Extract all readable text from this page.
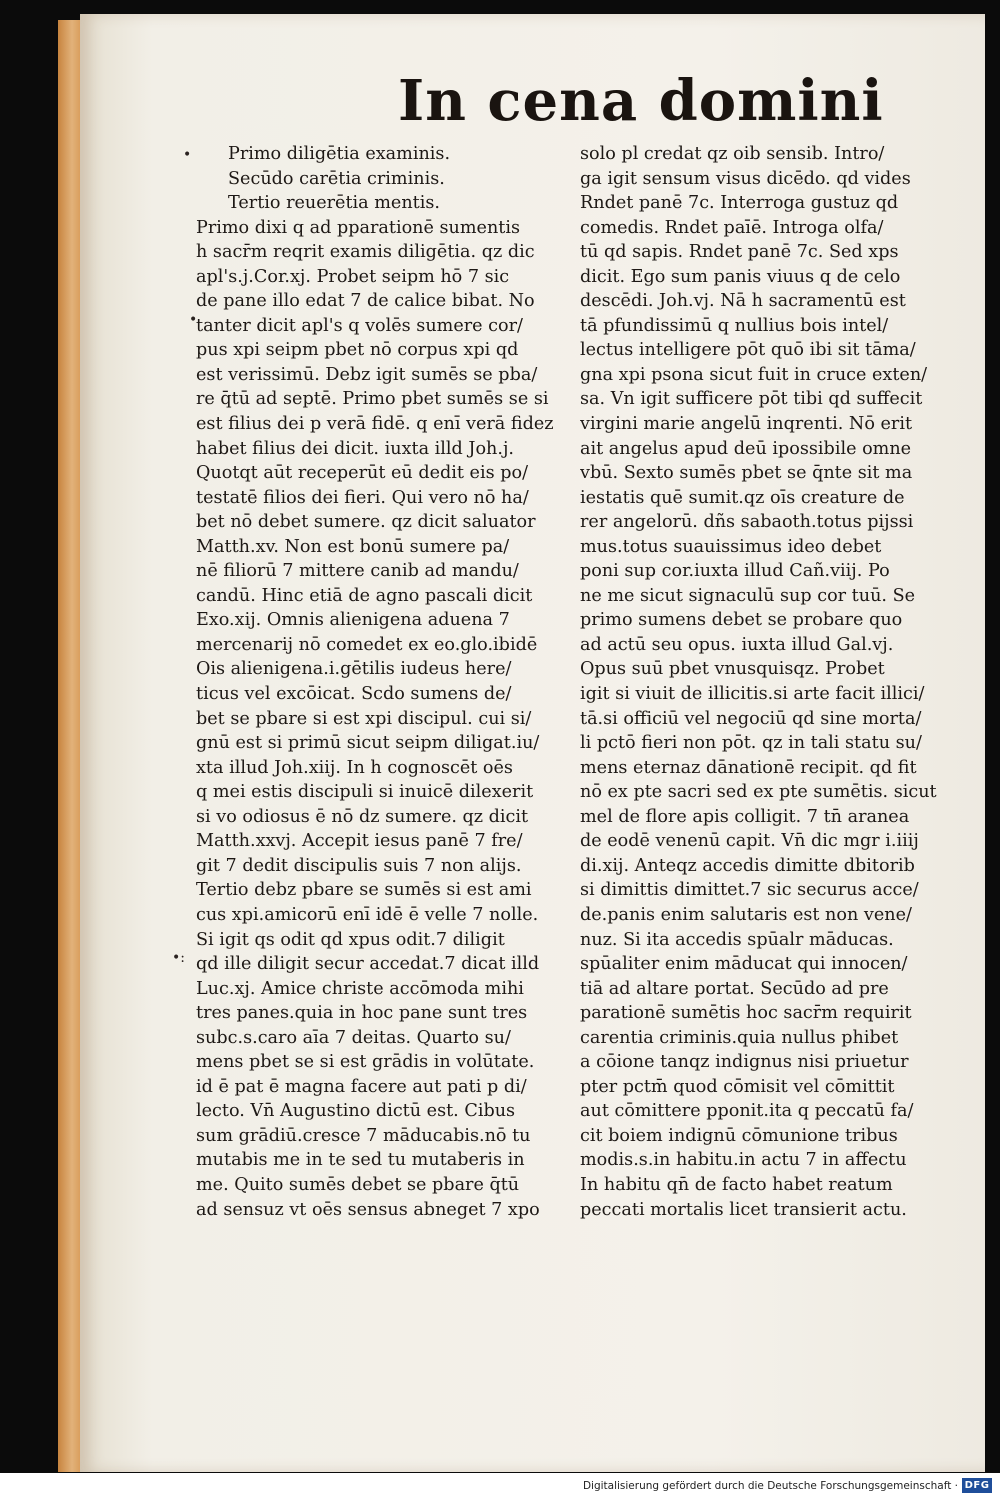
In cena domini
•
•
•:
Primo diligētia examinis.
Secūdo carētia criminis.
Tertio reuerētia mentis.
Primo dixi q ad pparationē sumentis
h sacr̄m reqrit examis diligētia. qz dic
apl's.j.Cor.xj. Probet seipm hō 7 sic
de pane illo edat 7 de calice bibat. No
tanter dicit apl's q volēs sumere cor/
pus xpi seipm pbet nō corpus xpi qd
est verissimū. Debz igit sumēs se pba/
re q̄tū ad septē. Primo pbet sumēs se si
est filius dei p verā fidē. q enī verā fidez
habet filius dei dicit. iuxta illd Joh.j.
Quotqt aūt receperūt eū dedit eis po/
testatē filios dei fieri. Qui vero nō ha/
bet nō debet sumere. qz dicit saluator
Matth.xv. Non est bonū sumere pa/
nē filiorū 7 mittere canib ad mandu/
candū. Hinc etiā de agno pascali dicit
Exo.xij. Omnis alienigena aduena 7
mercenarij nō comedet ex eo.glo.ibidē
Ois alienigena.i.gētilis iudeus here/
ticus vel excōicat. Scdo sumens de/
bet se pbare si est xpi discipul. cui si/
gnū est si primū sicut seipm diligat.iu/
xta illud Joh.xiij. In h cognoscēt oēs
q mei estis discipuli si inuicē dilexerit
si vo odiosus ē nō dz sumere. qz dicit
Matth.xxvj. Accepit iesus panē 7 fre/
git 7 dedit discipulis suis 7 non alijs.
Tertio debz pbare se sumēs si est ami
cus xpi.amicorū enī idē ē velle 7 nolle.
Si igit qs odit qd xpus odit.7 diligit
qd ille diligit secur accedat.7 dicat illd
Luc.xj. Amice christe accōmoda mihi
tres panes.quia in hoc pane sunt tres
subc.s.caro aīa 7 deitas. Quarto su/
mens pbet se si est grādis in volūtate.
id ē pat ē magna facere aut pati p di/
lecto. Vn̄ Augustino dictū est. Cibus
sum grādiū.cresce 7 māducabis.nō tu
mutabis me in te sed tu mutaberis in
me. Quito sumēs debet se pbare q̄tū
ad sensuz vt oēs sensus abneget 7 xpo
solo pl credat qz oib sensib. Intro/
ga igit sensum visus dicēdo. qd vides
Rndet panē 7c. Interroga gustuz qd
comedis. Rndet paīē. Introga olfa/
tū qd sapis. Rndet panē 7c. Sed xps
dicit. Ego sum panis viuus q de celo
descēdi. Joh.vj. Nā h sacramentū est
tā pfundissimū q nullius bois intel/
lectus intelligere pōt quō ibi sit tāma/
gna xpi psona sicut fuit in cruce exten/
sa. Vn igit sufficere pōt tibi qd suffecit
virgini marie angelū inqrenti. Nō erit
ait angelus apud deū ipossibile omne
vbū. Sexto sumēs pbet se q̄nte sit ma
iestatis quē sumit.qz oīs creature de
rer angelorū. dñs sabaoth.totus pijssi
mus.totus suauissimus ideo debet
poni sup cor.iuxta illud Cañ.viij. Po
ne me sicut signaculū sup cor tuū. Se
primo sumens debet se probare quo
ad actū seu opus. iuxta illud Gal.vj.
Opus suū pbet vnusquisqz. Probet
igit si viuit de illicitis.si arte facit illici/
tā.si officiū vel negociū qd sine morta/
li pctō fieri non pōt. qz in tali statu su/
mens eternaz dānationē recipit. qd fit
nō ex pte sacri sed ex pte sumētis. sicut
mel de flore apis colligit. 7 tn̄ aranea
de eodē venenū capit. Vn̄ dic mgr i.iiij
di.xij. Anteqz accedis dimitte dbitorib
si dimittis dimittet.7 sic securus acce/
de.panis enim salutaris est non vene/
nuz. Si ita accedis spūalr māducas.
spūaliter enim māducat qui innocen/
tiā ad altare portat. Secūdo ad pre
parationē sumētis hoc sacr̄m requirit
carentia criminis.quia nullus phibet
a cōione tanqz indignus nisi priuetur
pter pctm̄ quod cōmisit vel cōmittit
aut cōmittere pponit.ita q peccatū fa/
cit boiem indignū cōmunione tribus
modis.s.in habitu.in actu 7 in affectu
In habitu qn̄ de facto habet reatum
peccati mortalis licet transierit actu.
Digitalisierung gefördert durch die Deutsche Forschungsgemeinschaft · DFG
